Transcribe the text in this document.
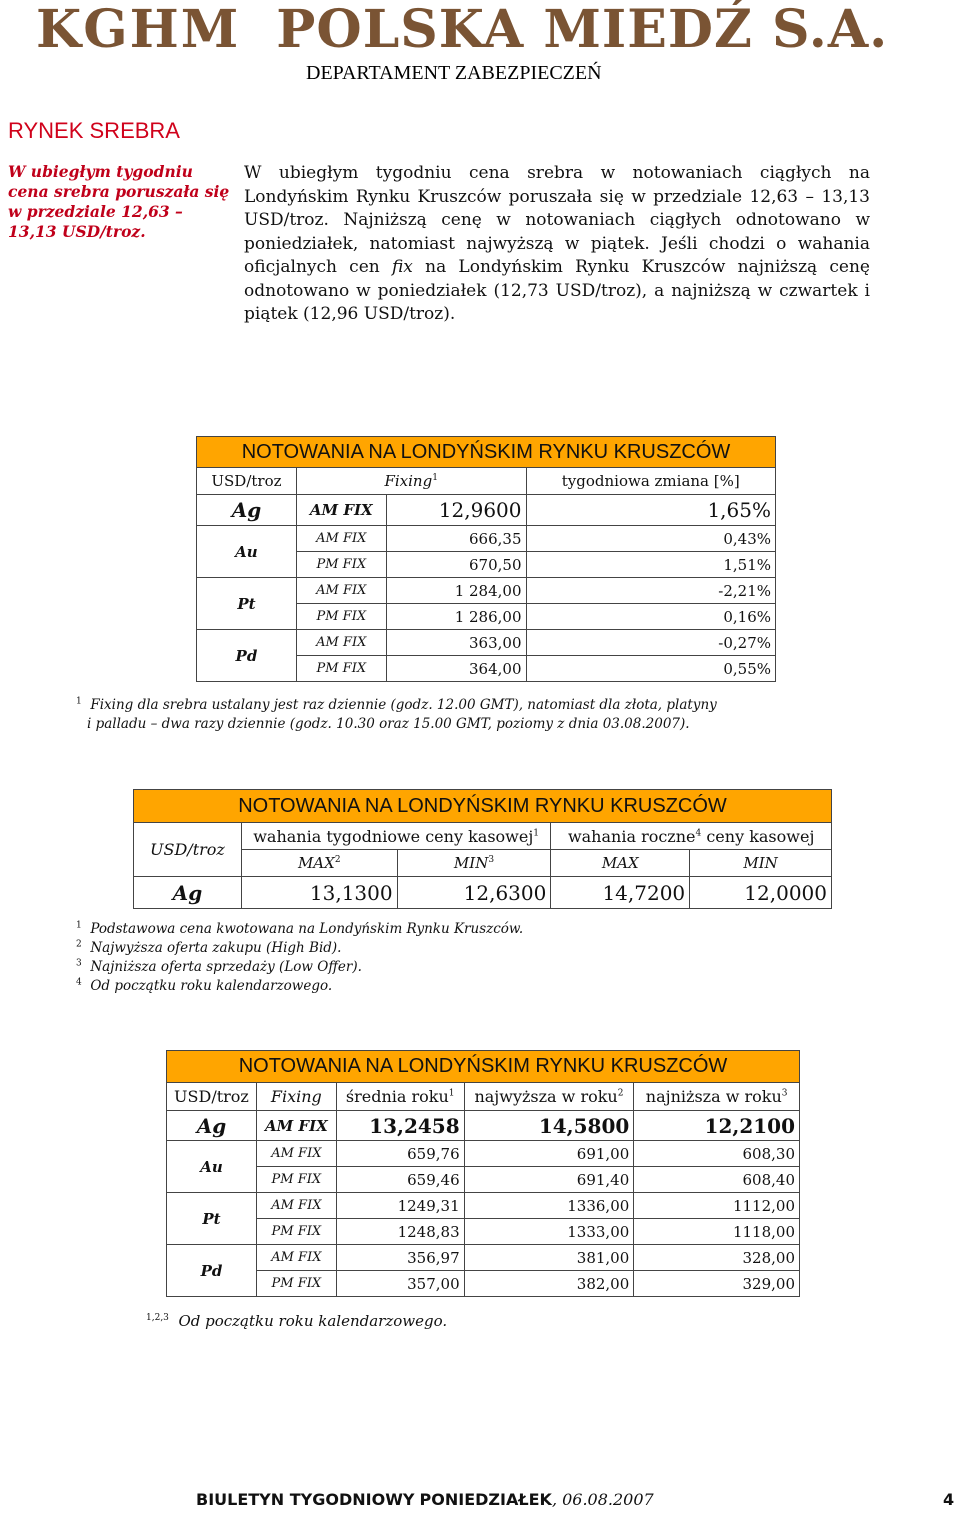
KGHM POLSKA MIEDŹ S.A.
DEPARTAMENT ZABEZPIECZEŃ
RYNEK SREBRA
W ubiegłym tygodniu cena srebra poruszała się w przedziale 12,63 – 13,13 USD/troz.
W ubiegłym tygodniu cena srebra w notowaniach ciągłych na Londyńskim Rynku Kruszców poruszała się w przedziale 12,63 – 13,13 USD/troz. Najniższą cenę w notowaniach ciągłych odnotowano w poniedziałek, natomiast najwyższą w piątek. Jeśli chodzi o wahania oficjalnych cen fix na Londyńskim Rynku Kruszców najniższą cenę odnotowano w poniedziałek (12,73 USD/troz), a najniższą w czwartek i piątek (12,96 USD/troz).
NOTOWANIA NA LONDYŃSKIM RYNKU KRUSZCÓW			
USD/troz	Fixing$^1$		tygodniowa zmiana [%]
Ag	AM FIX	12,9600	1,65%
Au	AM FIX	666,35	0,43%
	PM FIX	670,50	1,51%
Pt	AM FIX	1 284,00	-2,21%
	PM FIX	1 286,00	0,16%
Pd	AM FIX	363,00	-0,27%
	PM FIX	364,00	0,55%
$^1$ Fixing dla srebra ustalany jest raz dziennie (godz. 12.00 GMT), natomiast dla złota, platyny
i palladu – dwa razy dziennie (godz. 10.30 oraz 15.00 GMT, poziomy z dnia 03.08.2007).
NOTOWANIA NA LONDYŃSKIM RYNKU KRUSZCÓW				
USD/troz	wahania tygodniowe ceny kasowej$^1$		wahania roczne$^4$ ceny kasowej	
	MAX$^2$	MIN$^3$	MAX	MIN
Ag	13,1300	12,6300	14,7200	12,0000
$^1$ Podstawowa cena kwotowana na Londyńskim Rynku Kruszców.
$^2$ Najwyższa oferta zakupu (High Bid).
$^3$ Najniższa oferta sprzedaży (Low Offer).
$^4$ Od początku roku kalendarzowego.
NOTOWANIA NA LONDYŃSKIM RYNKU KRUSZCÓW				
USD/troz	Fixing	średnia roku$^1$	najwyższa w roku$^2$	najniższa w roku$^3$
Ag	AM FIX	13,2458	14,5800	12,2100
Au	AM FIX	659,76	691,00	608,30
	PM FIX	659,46	691,40	608,40
Pt	AM FIX	1249,31	1336,00	1112,00
	PM FIX	1248,83	1333,00	1118,00
Pd	AM FIX	356,97	381,00	328,00
	PM FIX	357,00	382,00	329,00
$^{1,2,3}$ Od początku roku kalendarzowego.
BIULETYN TYGODNIOWY PONIEDZIAŁEK, 06.08.2007	4
